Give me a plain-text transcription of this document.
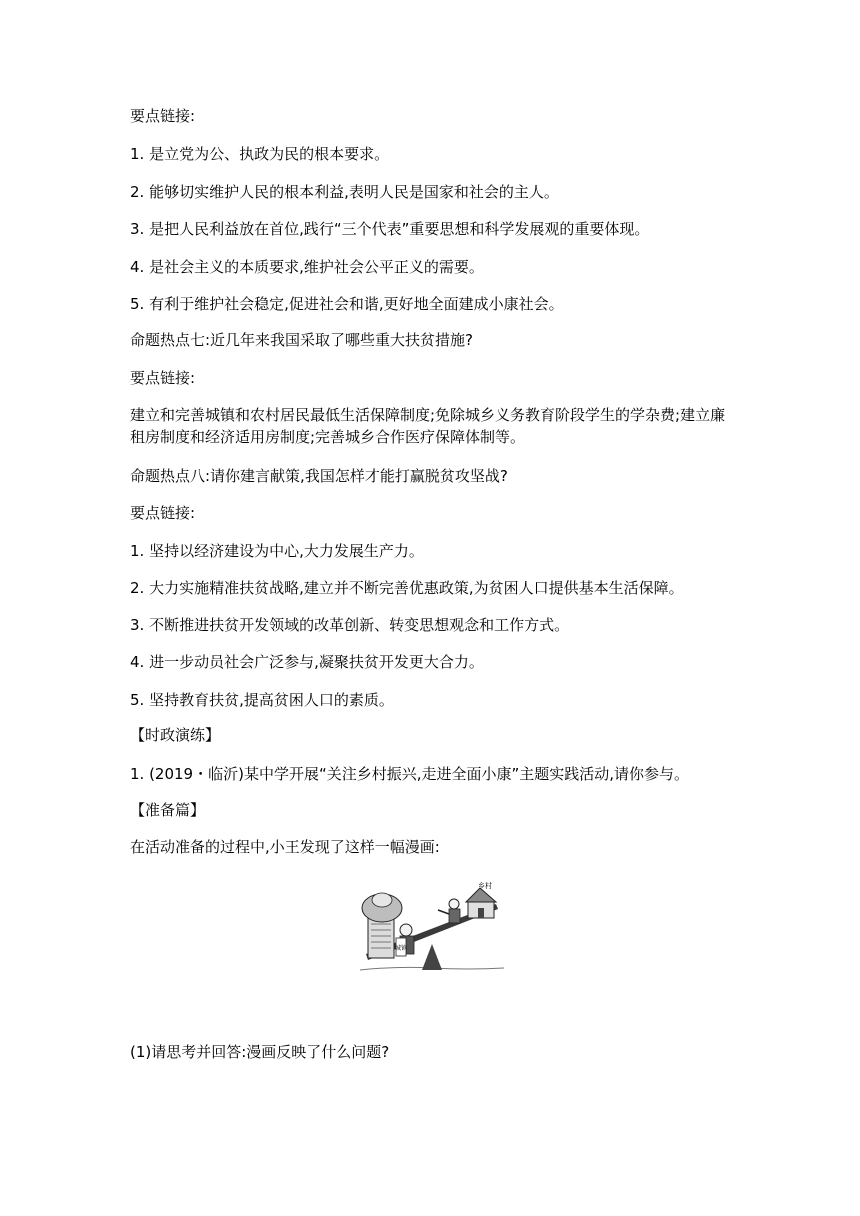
要点链接:
1. 是立党为公、执政为民的根本要求。
2. 能够切实维护人民的根本利益,表明人民是国家和社会的主人。
3. 是把人民利益放在首位,践行“三个代表”重要思想和科学发展观的重要体现。
4. 是社会主义的本质要求,维护社会公平正义的需要。
5. 有利于维护社会稳定,促进社会和谐,更好地全面建成小康社会。
命题热点七:近几年来我国采取了哪些重大扶贫措施?
要点链接:
建立和完善城镇和农村居民最低生活保障制度;免除城乡义务教育阶段学生的学杂费;建立廉租房制度和经济适用房制度;完善城乡合作医疗保障体制等。
命题热点八:请你建言献策,我国怎样才能打赢脱贫攻坚战?
要点链接:
1. 坚持以经济建设为中心,大力发展生产力。
2. 大力实施精准扶贫战略,建立并不断完善优惠政策,为贫困人口提供基本生活保障。
3. 不断推进扶贫开发领域的改革创新、转变思想观念和工作方式。
4. 进一步动员社会广泛参与,凝聚扶贫开发更大合力。
5. 坚持教育扶贫,提高贫困人口的素质。
【时政演练】
1. (2019・临沂)某中学开展“关注乡村振兴,走进全面小康”主题实践活动,请你参与。
【准备篇】
在活动准备的过程中,小王发现了这样一幅漫画:
城镇
乡村
(1)请思考并回答:漫画反映了什么问题?
